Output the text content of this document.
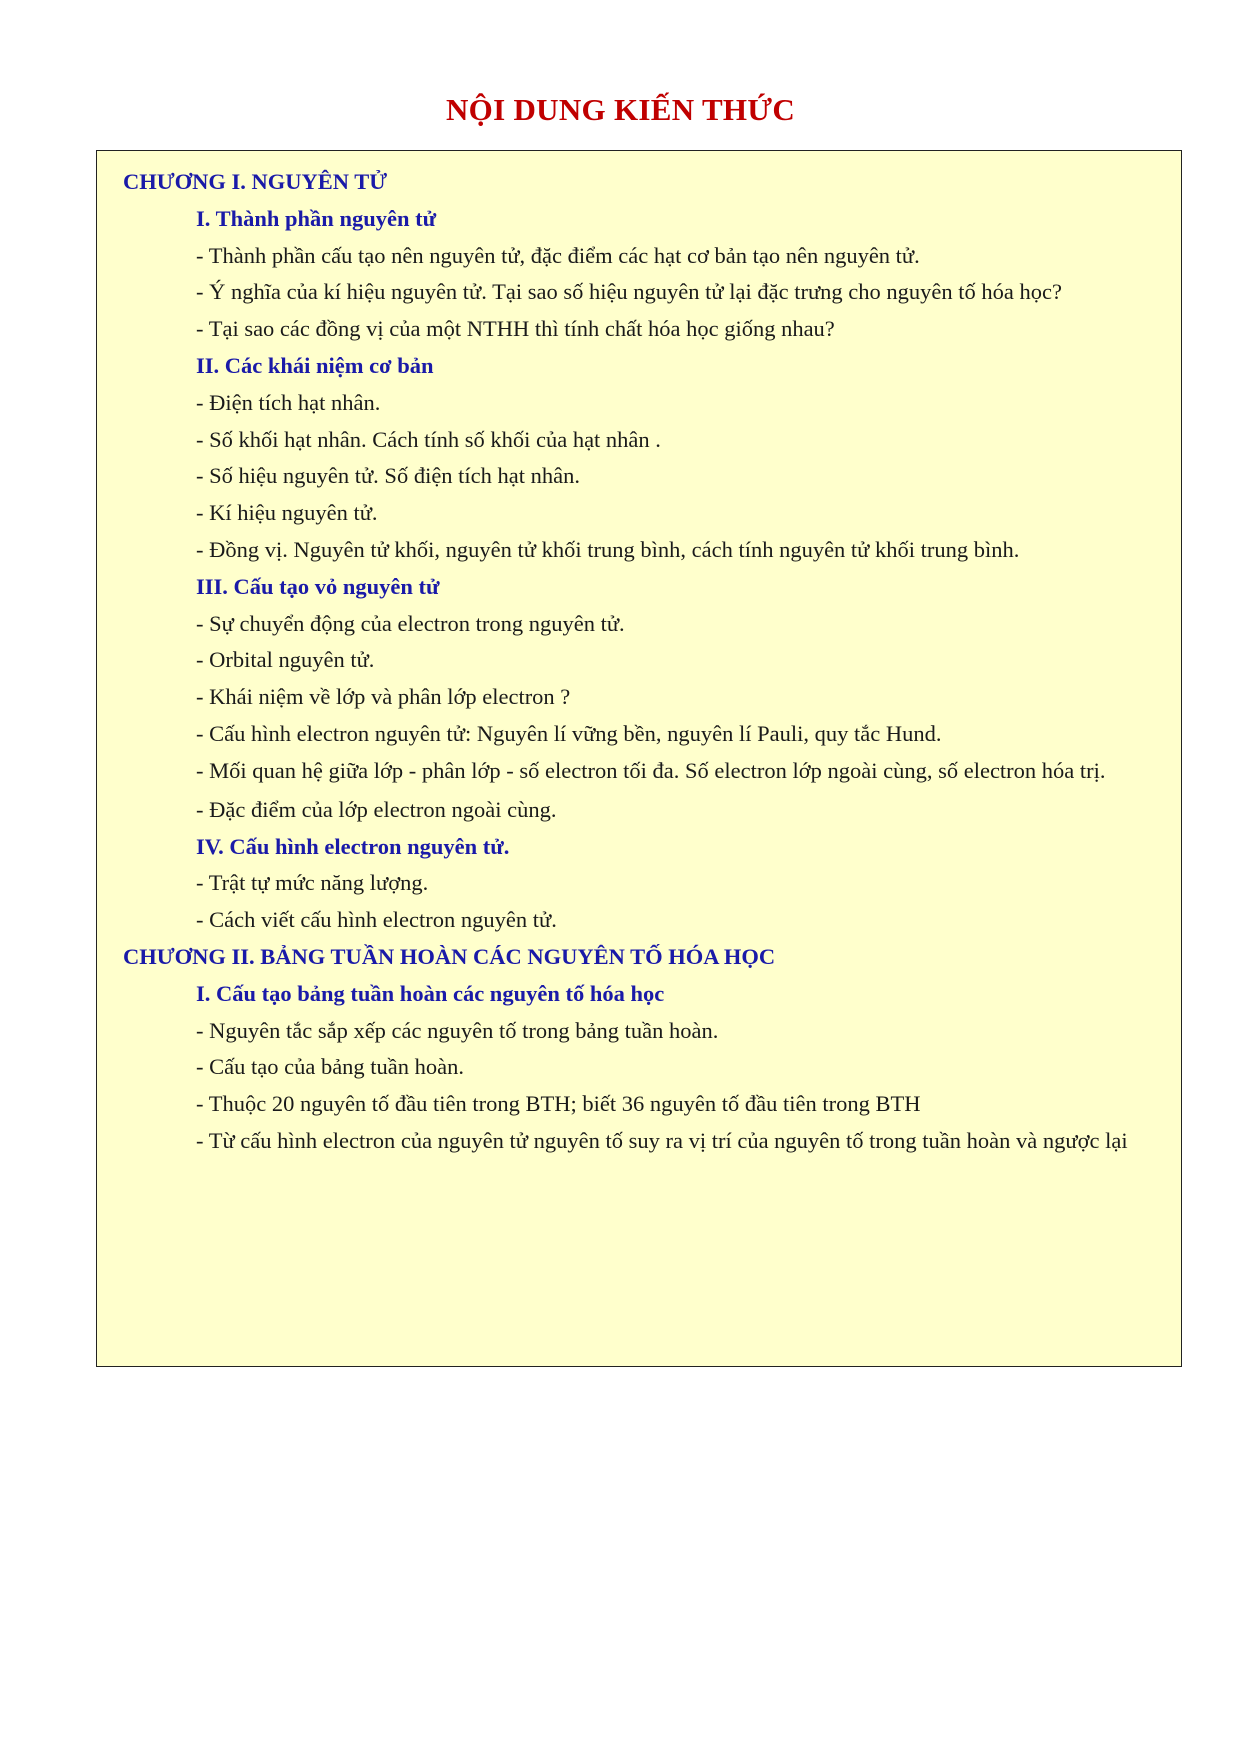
NỘI DUNG KIẾN THỨC

CHƯƠNG I. NGUYÊN TỬ

I. Thành phần nguyên tử

- Thành phần cấu tạo nên nguyên tử, đặc điểm các hạt cơ bản tạo nên nguyên tử.

- Ý nghĩa của kí hiệu nguyên tử. Tại sao số hiệu nguyên tử lại đặc trưng cho nguyên tố hóa học?

- Tại sao các đồng vị của một NTHH thì tính chất hóa học giống nhau?

II. Các khái niệm cơ bản

- Điện tích hạt nhân.

- Số khối hạt nhân. Cách tính số khối của hạt nhân .

- Số hiệu nguyên tử. Số điện tích hạt nhân.

- Kí hiệu nguyên tử.

- Đồng vị. Nguyên tử khối, nguyên tử khối trung bình, cách tính nguyên tử khối trung bình.

III. Cấu tạo vỏ nguyên tử

- Sự chuyển động của electron trong nguyên tử.

- Orbital nguyên tử.

- Khái niệm về lớp và phân lớp electron ?

- Cấu hình electron nguyên tử: Nguyên lí vững bền, nguyên lí Pauli, quy tắc Hund.

- Mối quan hệ giữa lớp - phân lớp - số electron tối đa. Số electron lớp ngoài cùng, số electron hóa trị.

- Đặc điểm của lớp electron ngoài cùng.

IV. Cấu hình electron nguyên tử.

- Trật tự mức năng lượng.

- Cách viết cấu hình electron nguyên tử.

CHƯƠNG II. BẢNG TUẦN HOÀN CÁC NGUYÊN TỐ HÓA HỌC

I. Cấu tạo bảng tuần hoàn các nguyên tố hóa học

- Nguyên tắc sắp xếp các nguyên tố trong bảng tuần hoàn.

- Cấu tạo của bảng tuần hoàn.

- Thuộc 20 nguyên tố đầu tiên trong BTH; biết 36 nguyên tố đầu tiên trong BTH

- Từ cấu hình electron của nguyên tử nguyên tố suy ra vị trí của nguyên tố trong tuần hoàn và ngược lại
